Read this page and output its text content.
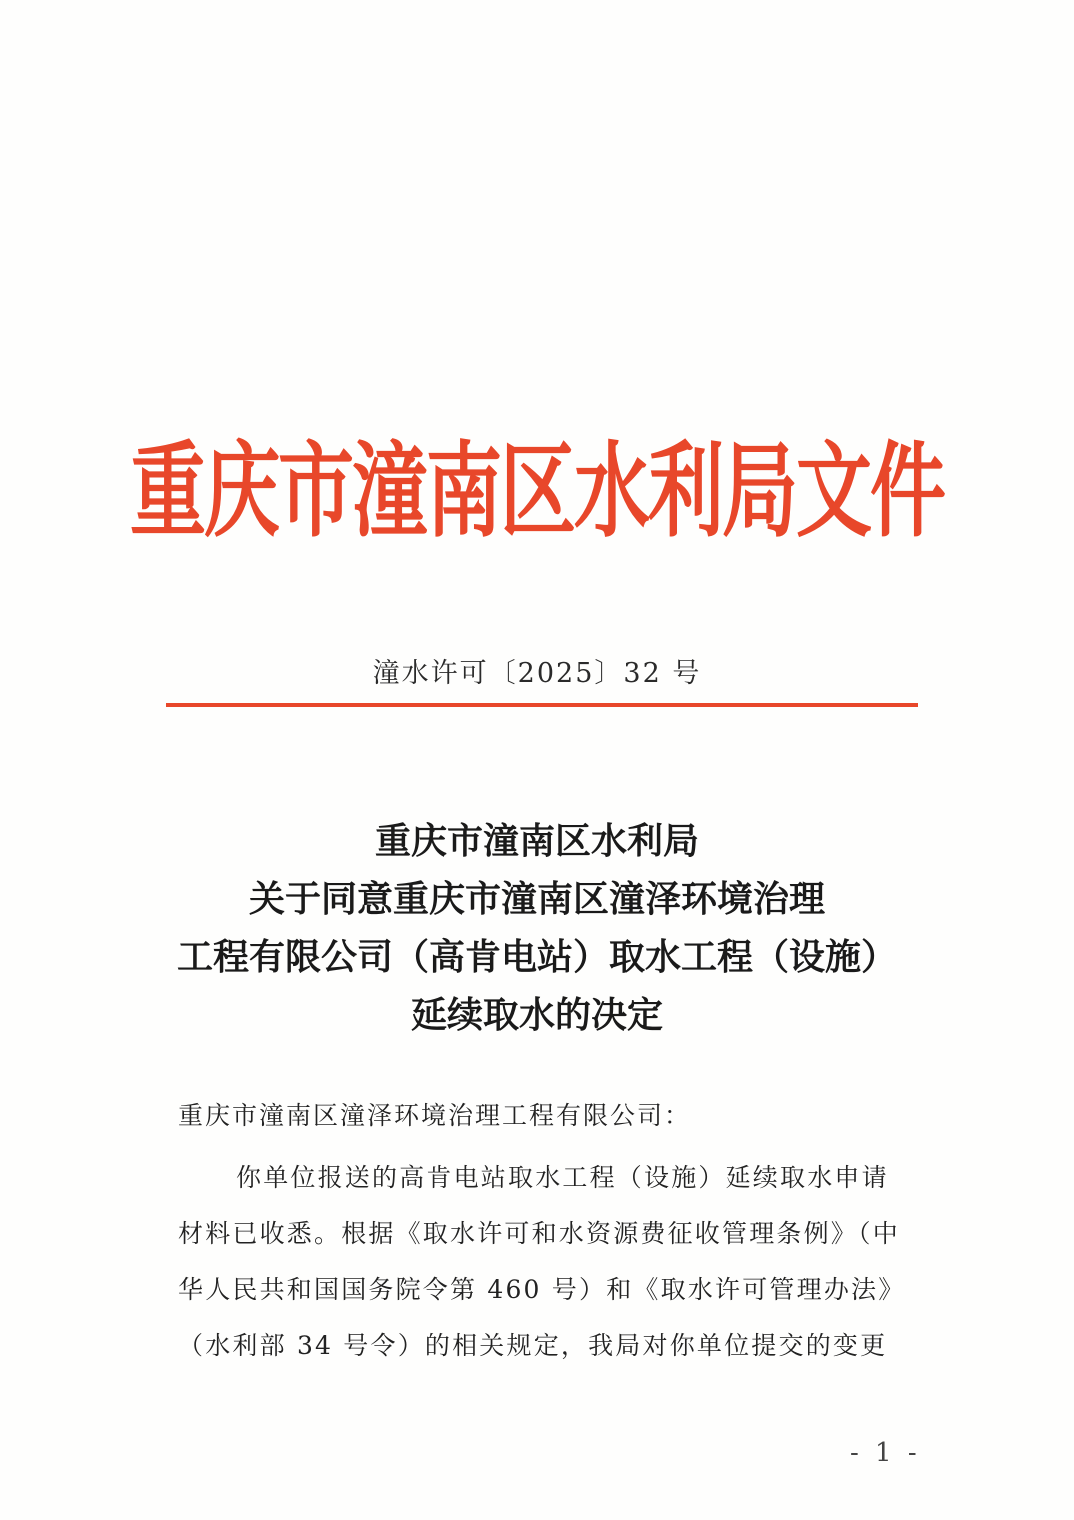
重庆市潼南区水利局文件
潼水许可〔2025〕32 号
重庆市潼南区水利局
关于同意重庆市潼南区潼泽环境治理
工程有限公司（高肯电站）取水工程（设施）
延续取水的决定
重庆市潼南区潼泽环境治理工程有限公司：
你单位报送的高肯电站取水工程（设施）延续取水申请
材料已收悉。根据《取水许可和水资源费征收管理条例》（中
华人民共和国国务院令第 460 号）和《取水许可管理办法》
（水利部 34 号令）的相关规定，我局对你单位提交的变更
- 1 -
